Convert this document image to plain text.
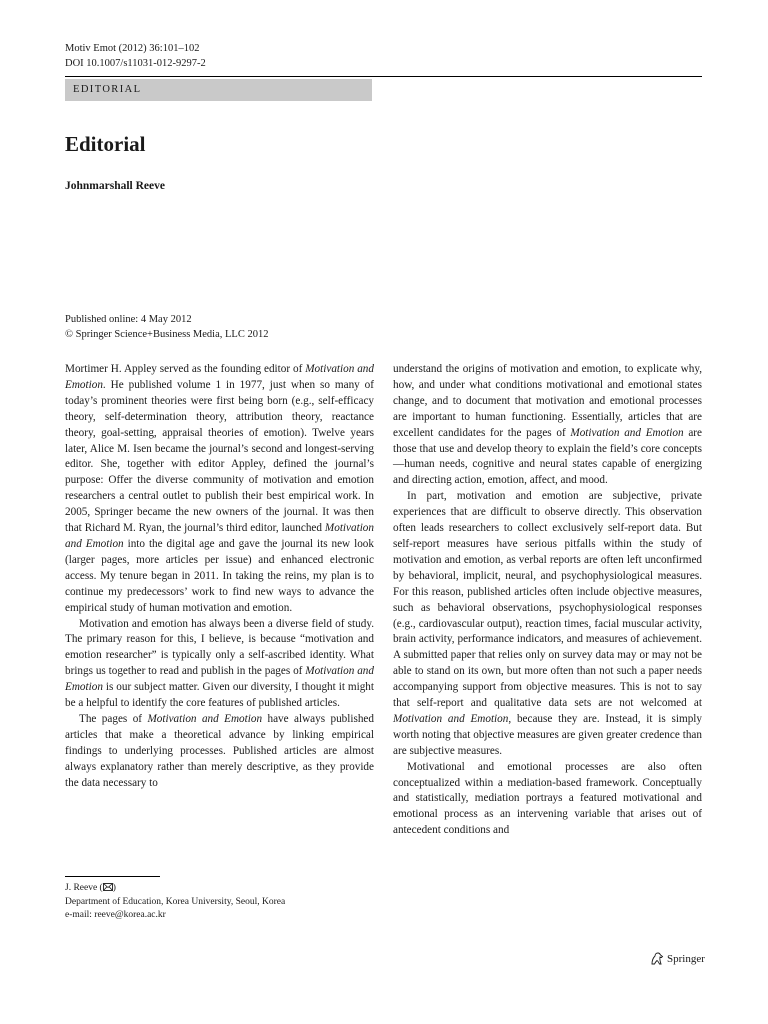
Motiv Emot (2012) 36:101–102
DOI 10.1007/s11031-012-9297-2
EDITORIAL
Editorial
Johnmarshall Reeve
Published online: 4 May 2012
© Springer Science+Business Media, LLC 2012

Mortimer H. Appley served as the founding editor of Motivation and Emotion. He published volume 1 in 1977, just when so many of today’s prominent theories were first being born (e.g., self-efficacy theory, self-determination theory, attribution theory, reactance theory, goal-setting, appraisal theories of emotion). Twelve years later, Alice M. Isen became the journal’s second and longest-serving editor. She, together with editor Appley, defined the journal’s purpose: Offer the diverse community of motivation and emotion researchers a central outlet to publish their best empirical work. In 2005, Springer became the new owners of the journal. It was then that Richard M. Ryan, the journal’s third editor, launched Motivation and Emotion into the digital age and gave the journal its new look (larger pages, more articles per issue) and enhanced electronic access. My tenure began in 2011. In taking the reins, my plan is to continue my predecessors’ work to find new ways to advance the empirical study of human motivation and emotion.

Motivation and emotion has always been a diverse field of study. The primary reason for this, I believe, is because “motivation and emotion researcher” is typically only a self-ascribed identity. What brings us together to read and publish in the pages of Motivation and Emotion is our subject matter. Given our diversity, I thought it might be a helpful to identify the core features of published articles.

The pages of Motivation and Emotion have always published articles that make a theoretical advance by linking empirical findings to underlying processes. Published articles are almost always explanatory rather than merely descriptive, as they provide the data necessary to

understand the origins of motivation and emotion, to explicate why, how, and under what conditions motivational and emotional states change, and to document that motivation and emotional processes are important to human functioning. Essentially, articles that are excellent candidates for the pages of Motivation and Emotion are those that use and develop theory to explain the field’s core concepts—human needs, cognitive and neural states capable of energizing and directing action, emotion, affect, and mood.

In part, motivation and emotion are subjective, private experiences that are difficult to observe directly. This observation often leads researchers to collect exclusively self-report data. But self-report measures have serious pitfalls within the study of motivation and emotion, as verbal reports are often left unconfirmed by behavioral, implicit, neural, and psychophysiological measures. For this reason, published articles often include objective measures, such as behavioral observations, psychophysiological responses (e.g., cardiovascular output), reaction times, facial muscular activity, brain activity, performance indicators, and measures of achievement. A submitted paper that relies only on survey data may or may not be able to stand on its own, but more often than not such a paper needs accompanying support from objective measures. This is not to say that self-report and qualitative data sets are not welcomed at Motivation and Emotion, because they are. Instead, it is simply worth noting that objective measures are given greater credence than are subjective measures.

Motivational and emotional processes are also often conceptualized within a mediation-based framework. Conceptually and statistically, mediation portrays a featured motivational and emotional process as an intervening variable that arises out of antecedent conditions and

J. Reeve ( )
Department of Education, Korea University, Seoul, Korea
e-mail: reeve@korea.ac.kr
Springer
